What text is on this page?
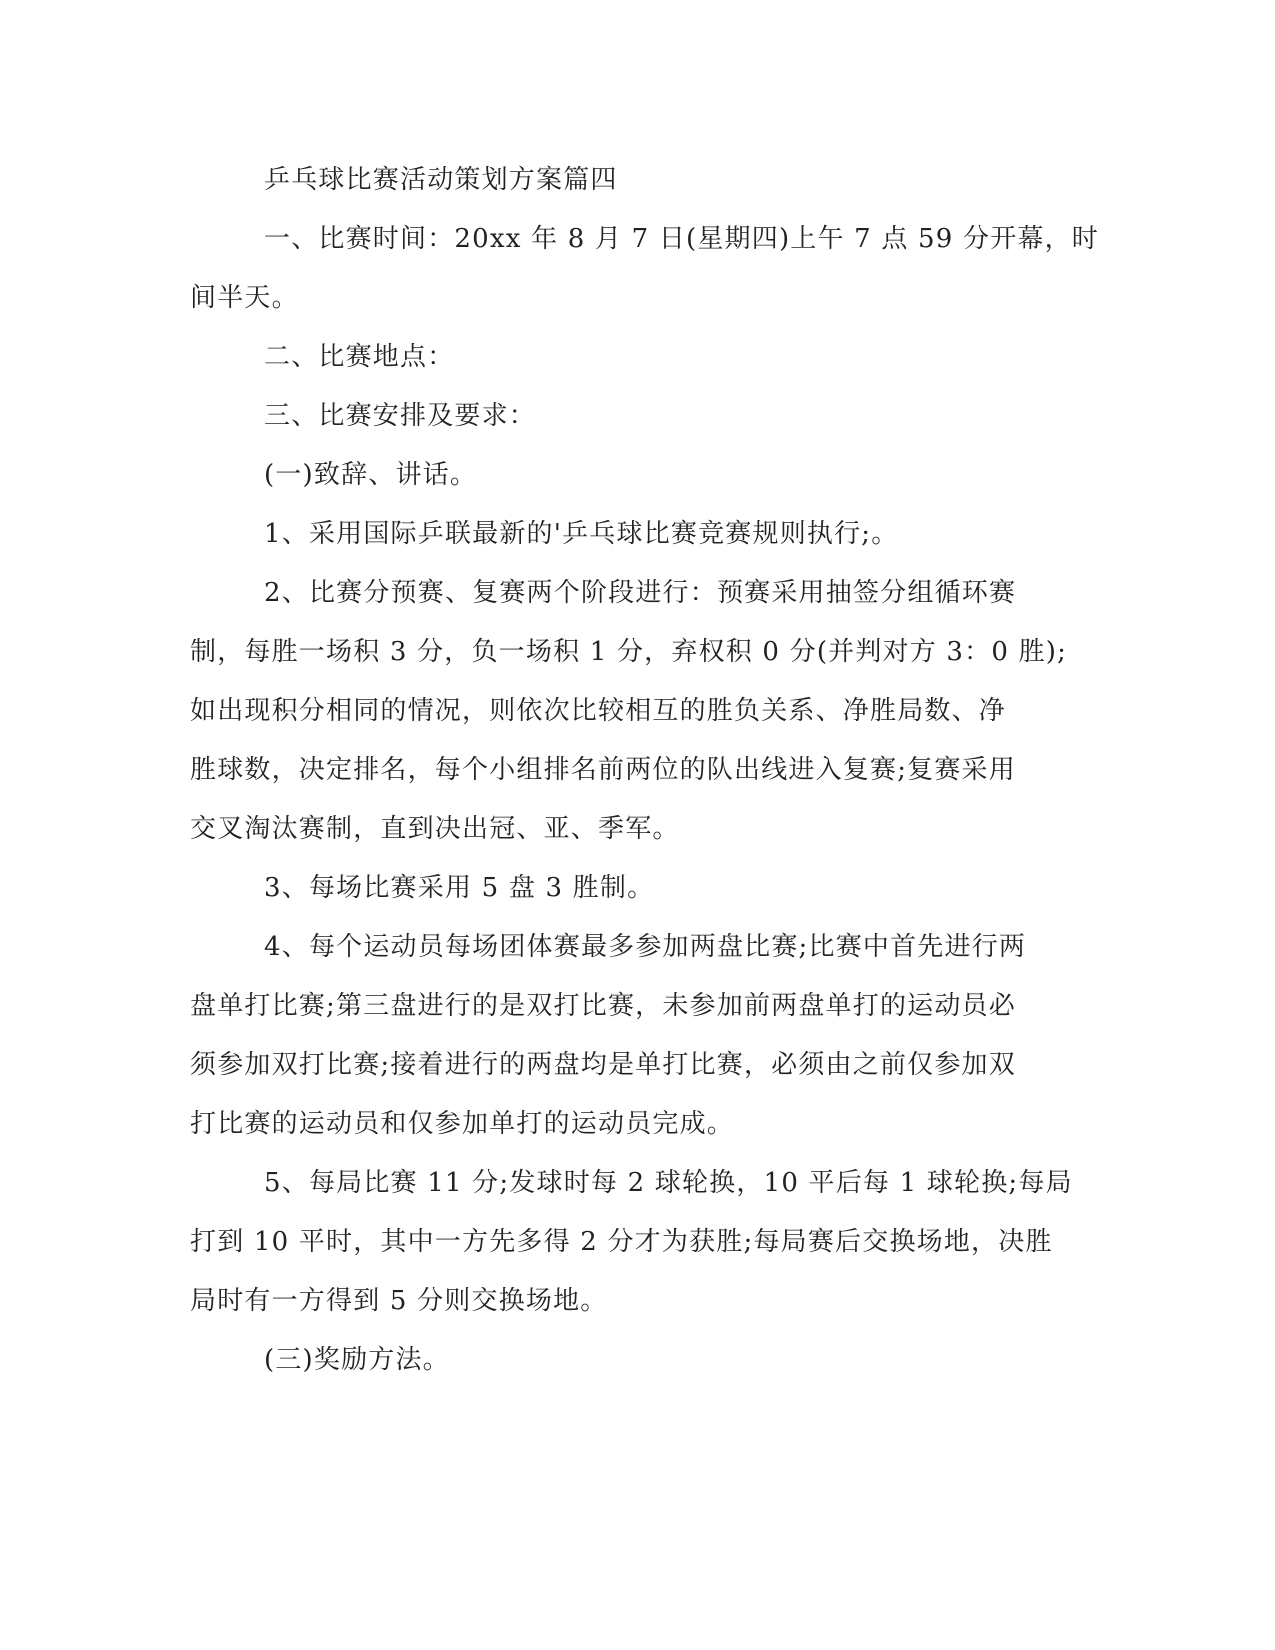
乒乓球比赛活动策划方案篇四
一、比赛时间：20xx 年 8 月 7 日(星期四)上午 7 点 59 分开幕，时
间半天。
二、比赛地点：
三、比赛安排及要求：
(一)致辞、讲话。
1、采用国际乒联最新的'乒乓球比赛竞赛规则执行;。
2、比赛分预赛、复赛两个阶段进行：预赛采用抽签分组循环赛
制，每胜一场积 3 分，负一场积 1 分，弃权积 0 分(并判对方 3：0 胜);
如出现积分相同的情况，则依次比较相互的胜负关系、净胜局数、净
胜球数，决定排名，每个小组排名前两位的队出线进入复赛;复赛采用
交叉淘汰赛制，直到决出冠、亚、季军。
3、每场比赛采用 5 盘 3 胜制。
4、每个运动员每场团体赛最多参加两盘比赛;比赛中首先进行两
盘单打比赛;第三盘进行的是双打比赛，未参加前两盘单打的运动员必
须参加双打比赛;接着进行的两盘均是单打比赛，必须由之前仅参加双
打比赛的运动员和仅参加单打的运动员完成。
5、每局比赛 11 分;发球时每 2 球轮换，10 平后每 1 球轮换;每局
打到 10 平时，其中一方先多得 2 分才为获胜;每局赛后交换场地，决胜
局时有一方得到 5 分则交换场地。
(三)奖励方法。
